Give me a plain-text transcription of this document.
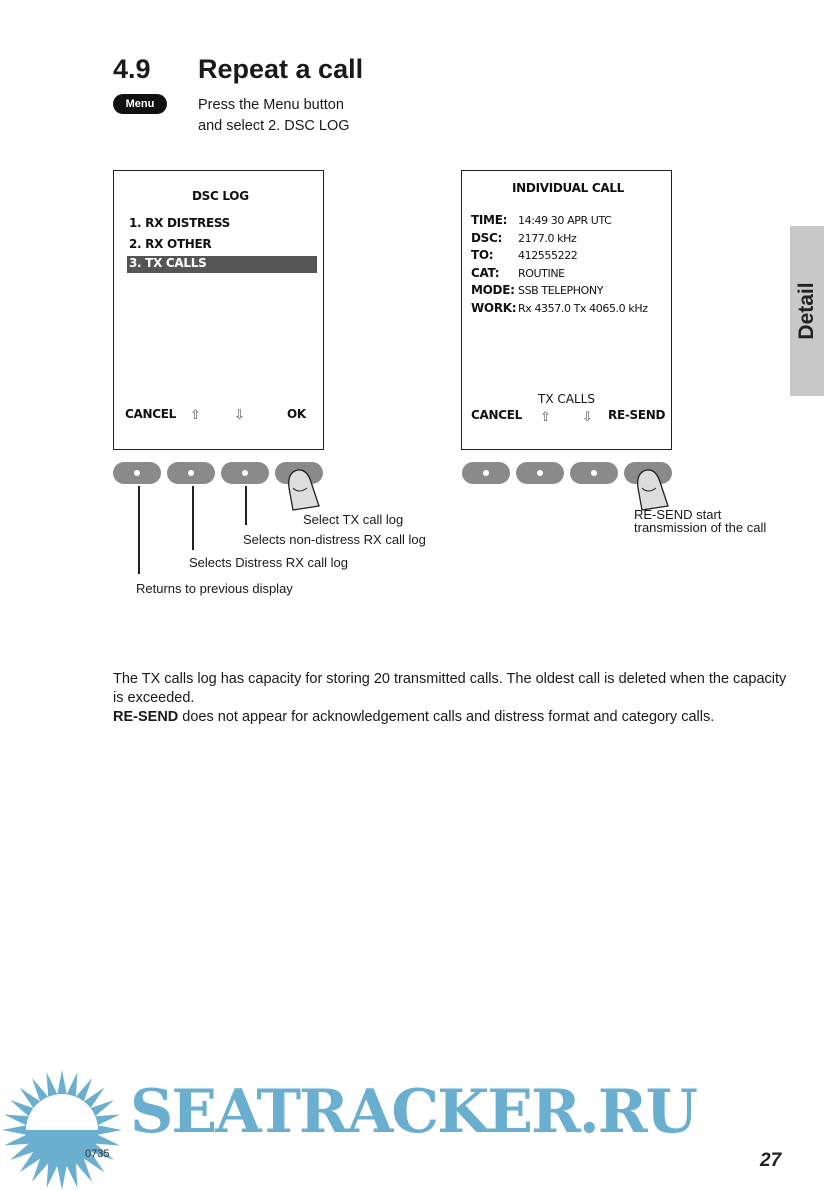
4.9 Repeat a call
Menu	Press the Menu button
and select 2. DSC LOG
DSC LOG
1. RX DISTRESS
2. RX OTHER
3. TX CALLS
CANCEL ⇧	⇩	OK
INDIVIDUAL CALL
TIME: 14:49 30 APR UTC
DSC: 2177.0 kHz
TO: 412555222
CAT: ROUTINE
MODE: SSB TELEPHONY
WORK: Rx 4357.0 Tx 4065.0 kHz
TX CALLS
CANCEL ⇧ ⇩ RE-SEND
Select TX call log
Selects non-distress RX call log
Selects Distress RX call log
Returns to previous display
RE-SEND start
transmission of the call
Detail
The TX calls log has capacity for storing 20 transmitted calls. The oldest call is deleted when the capacity is exceeded.
RE-SEND does not appear for acknowledgement calls and distress format and category calls.
SEATRACKER.RU
0735	27
